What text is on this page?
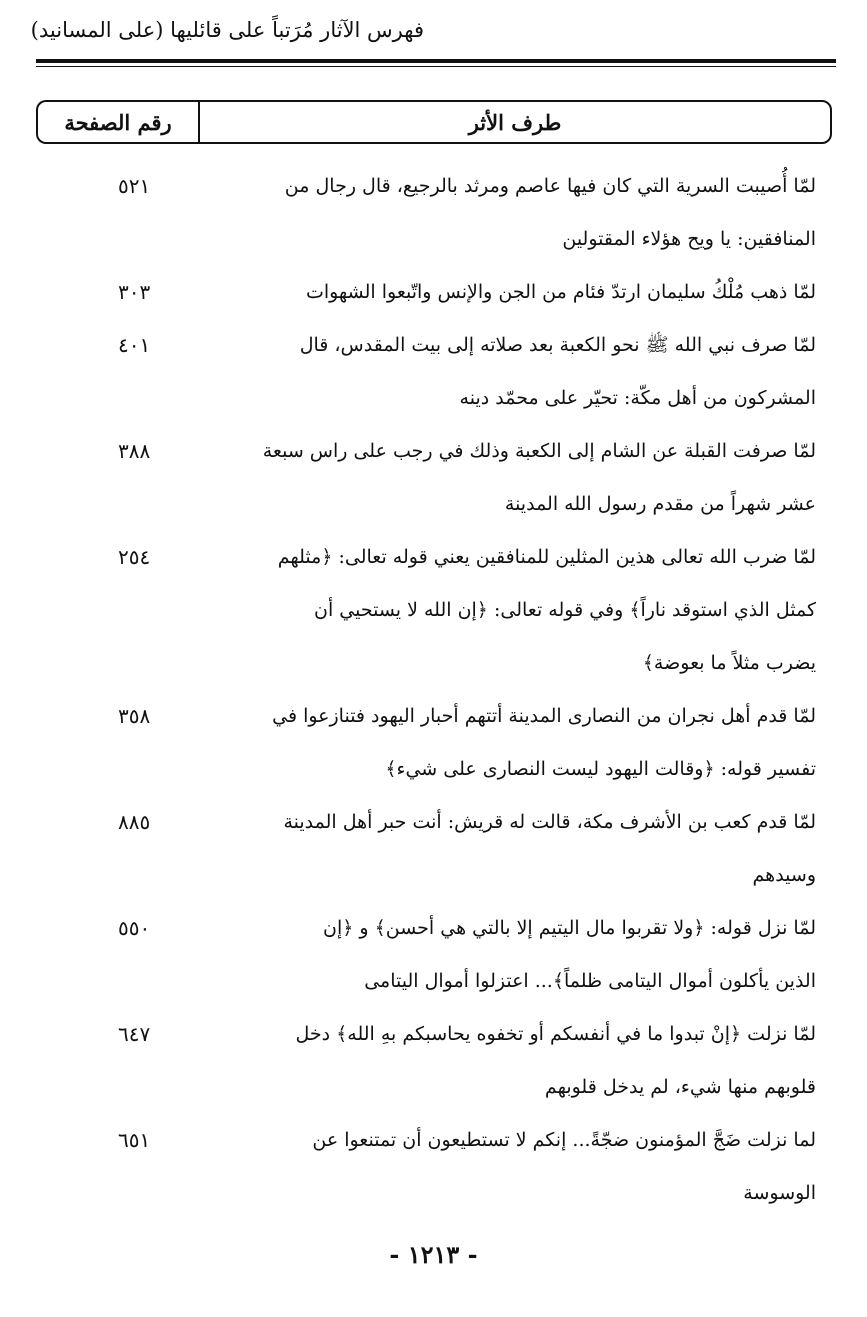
فهرس الآثار مُرَتباً على قائليها (على المسانيد)
طرف الأثر
رقم الصفحة
لمّا أُصيبت السرية التي كان فيها عاصم ومرثد بالرجيع، قال رجال من
المنافقين: يا ويح هؤلاء المقتولين
٥٢١
لمّا ذهب مُلْكُ سليمان ارتدّ فئام من الجن والإنس واتّبعوا الشهوات
٣٠٣
لمّا صرف نبي الله ﷺ نحو الكعبة بعد صلاته إلى بيت المقدس، قال
المشركون من أهل مكّة: تحيّر على محمّد دينه
٤٠١
لمّا صرفت القبلة عن الشام إلى الكعبة وذلك في رجب على راس سبعة
عشر شهراً من مقدم رسول الله المدينة
٣٨٨
لمّا ضرب الله تعالى هذين المثلين للمنافقين يعني قوله تعالى: ﴿مثلهم
كمثل الذي استوقد ناراً﴾ وفي قوله تعالى: ﴿إن الله لا يستحيي أن
يضرب مثلاً ما بعوضة﴾
٢٥٤
لمّا قدم أهل نجران من النصارى المدينة أتتهم أحبار اليهود فتنازعوا في
تفسير قوله: ﴿وقالت اليهود ليست النصارى على شيء﴾
٣٥٨
لمّا قدم كعب بن الأشرف مكة، قالت له قريش: أنت حبر أهل المدينة
وسيدهم
٨٨٥
لمّا نزل قوله: ﴿ولا تقربوا مال اليتيم إلا بالتي هي أحسن﴾ و ﴿إن
الذين يأكلون أموال اليتامى ظلماً﴾... اعتزلوا أموال اليتامى
٥٥٠
لمّا نزلت ﴿إنْ تبدوا ما في أنفسكم أو تخفوه يحاسبكم بهِ الله﴾ دخل
قلوبهم منها شيء، لم يدخل قلوبهم
٦٤٧
لما نزلت ضَجَّ المؤمنون ضجّةً... إنكم لا تستطيعون أن تمتنعوا عن
الوسوسة
٦٥١
- ١٢١٣ -
